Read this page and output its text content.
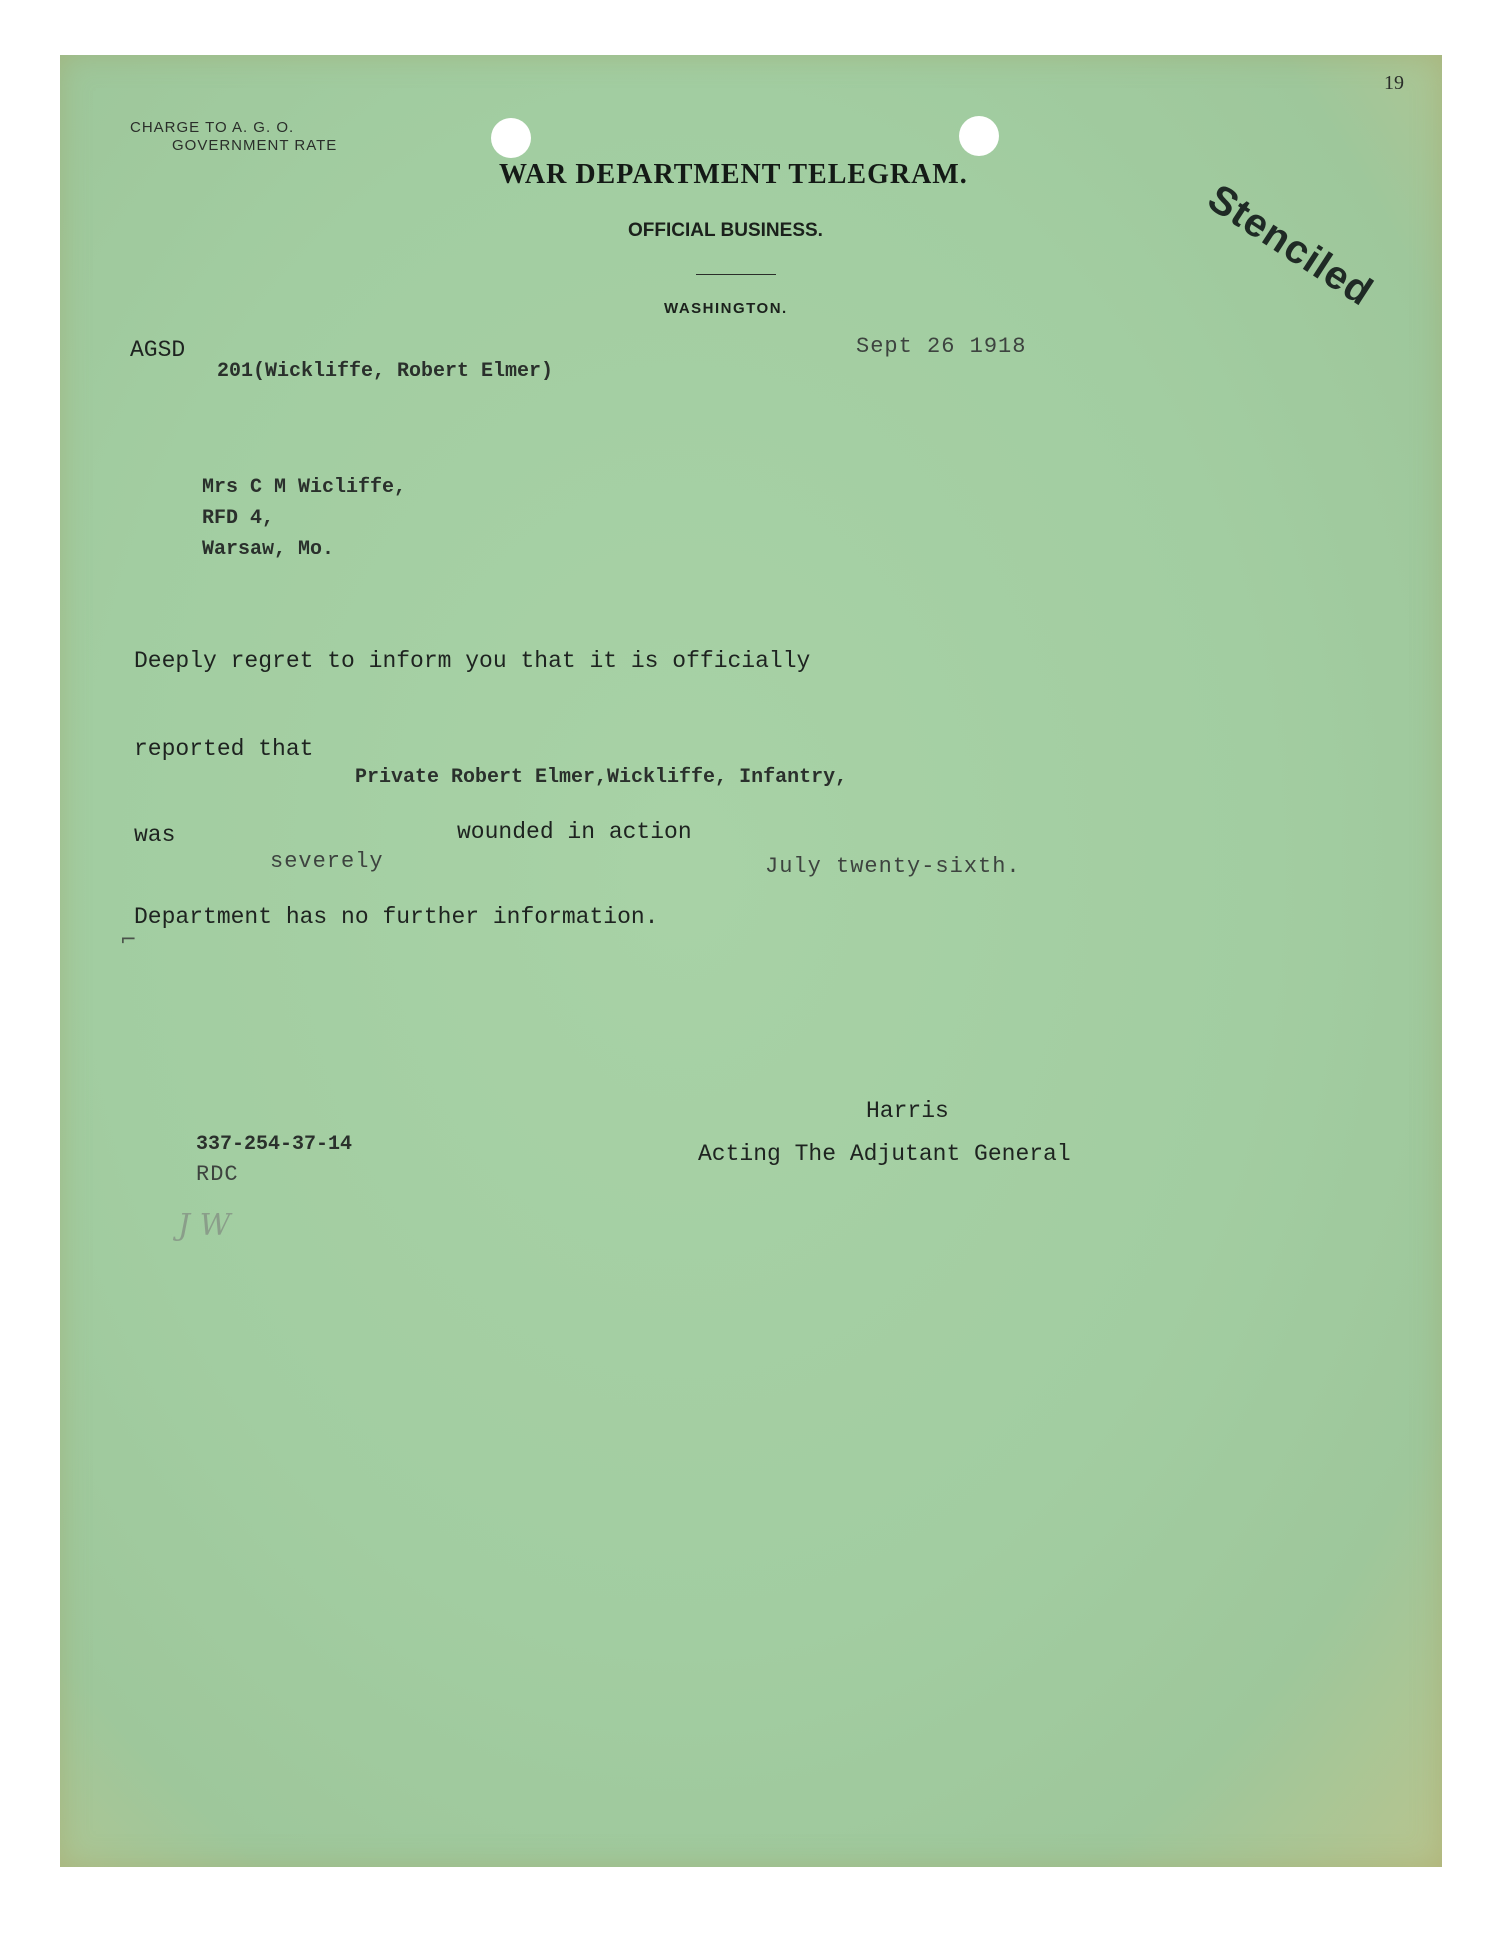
19
CHARGE TO A. G. O.
GOVERNMENT RATE
WAR DEPARTMENT TELEGRAM.
OFFICIAL BUSINESS.
WASHINGTON.	Stenciled
AGSD
201(Wickliffe, Robert Elmer)
Sept 26 1918
Mrs C M Wicliffe,
RFD 4,
Warsaw, Mo.
Deeply regret to inform you that it is officially
reported that
Private Robert Elmer,Wickliffe, Infantry,
was	wounded in action
severely	July twenty-sixth.
Department has no further information.
⌐
337-254-37-14
RDC
J W
Harris
Acting The Adjutant General
